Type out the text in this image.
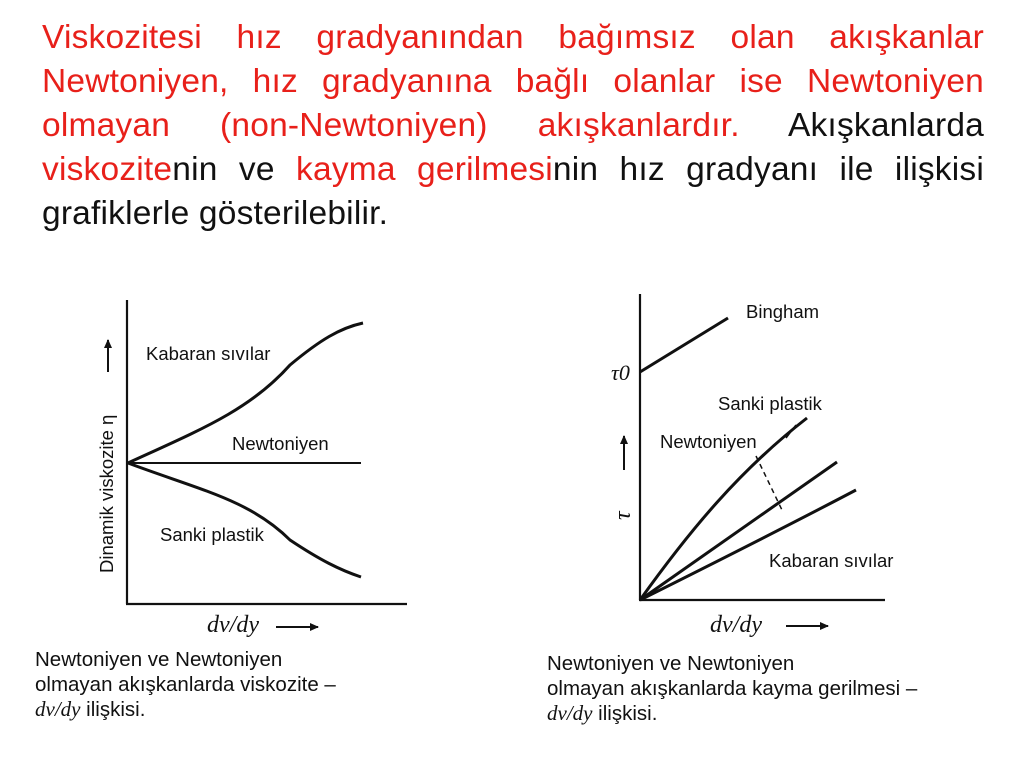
Viskozitesi hız gradyanından bağımsız olan akışkanlar Newtoniyen, hız gradyanına bağlı olanlar ise Newtoniyen olmayan (non-Newtoniyen) akışkanlardır. Akışkanlarda viskozitenin ve kayma gerilmesinin hız gradyanı ile ilişkisi grafiklerle gösterilebilir.
Dinamik viskozite η
Kabaran sıvılar
Newtoniyen
Sanki plastik
dv/dy
Bingham
τ0
Sanki plastik
Newtoniyen
τ
Kabaran sıvılar
dv/dy
Newtoniyen ve Newtoniyen
olmayan akışkanlarda viskozite –
dv/dy ilişkisi.
Newtoniyen ve Newtoniyen
olmayan akışkanlarda kayma gerilmesi –
dv/dy ilişkisi.
